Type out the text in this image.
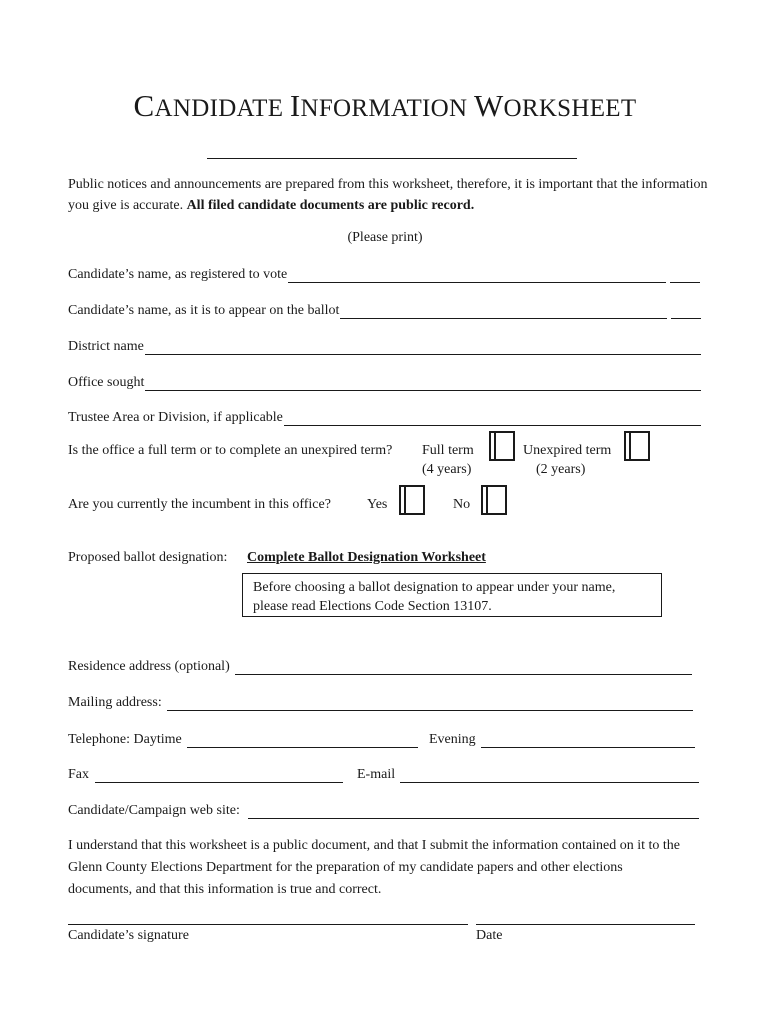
CANDIDATE INFORMATION WORKSHEET
Public notices and announcements are prepared from this worksheet, therefore, it is important that the information you give is accurate. All filed candidate documents are public record.
(Please print)
Candidate’s name, as registered to vote
Candidate’s name, as it is to appear on the ballot
District name
Office sought
Trustee Area or Division, if applicable
Is the office a full term or to complete an unexpired term? Full term
(4 years)
Unexpired term
(2 years)
Are you currently the incumbent in this office?	Yes	No
Proposed ballot designation: Complete Ballot Designation Worksheet
Before choosing a ballot designation to appear under your name, please read Elections Code Section 13107.
Residence address (optional)
Mailing address:
Telephone: Daytime	Evening
Fax	E-mail
Candidate/Campaign web site:
I understand that this worksheet is a public document, and that I submit the information contained on it to the Glenn County Elections Department for the preparation of my candidate papers and other elections documents, and that this information is true and correct.
Candidate’s signature	Date
